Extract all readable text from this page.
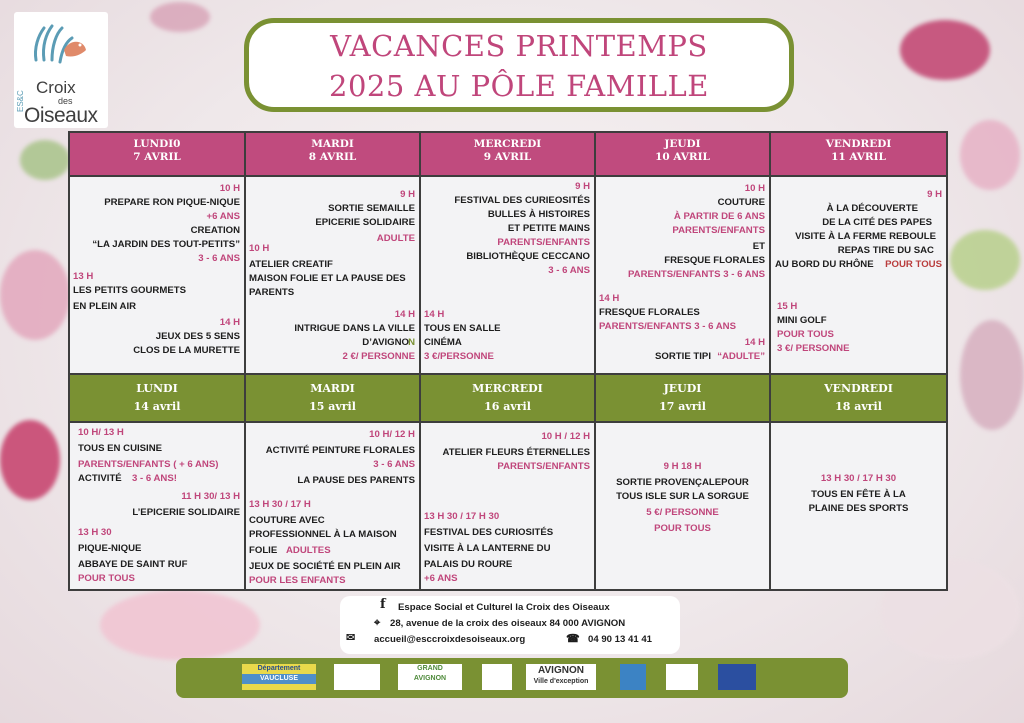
ES&C
Croix
des
Oiseaux
VACANCES PRINTEMPS
2025 AU PÔLE FAMILLE
LUNDI0
7 AVRIL
MARDI
8 AVRIL
MERCREDI
9 AVRIL
JEUDI
10 AVRIL
VENDREDI
11 AVRIL
10 H
PREPARE RON PIQUE-NIQUE
+6 ANS
CREATION
“LA JARDIN DES TOUT-PETITS”
3 - 6 ANS
13 H
LES PETITS GOURMETS
EN PLEIN AIR
14 H
JEUX DES 5 SENS
CLOS DE LA MURETTE
9 H
SORTIE SEMAILLE
EPICERIE SOLIDAIRE
ADULTE
10 H
ATELIER CREATIF
MAISON FOLIE ET LA PAUSE DES
PARENTS
14 H
INTRIGUE DANS LA VILLE
D’AVIGNO N
2 €/ PERSONNE
9 H
FESTIVAL DES CURIEOSITÉS
BULLES À HISTOIRES
ET PETITE MAINS
PARENTS/ENFANTS
BIBLIOTHÈQUE CECCANO
3 - 6 ANS
14 H
TOUS EN SALLE
CINÉMA
3 €/PERSONNE
10 H
COUTURE
À PARTIR DE 6 ANS
PARENTS/ENFANTS
ET
FRESQUE FLORALES
PARENTS/ENFANTS 3 - 6 ANS
14 H
FRESQUE FLORALES
PARENTS/ENFANTS 3 - 6 ANS
14 H
SORTIE TIPI “ADULTE”
9 H
À LA DÉCOUVERTE
DE LA CITÉ DES PAPES
VISITE À LA FERME REBOULE
REPAS TIRE DU SAC
AU BORD DU RHÔNE POUR TOUS
15 H
MINI GOLF
POUR TOUS
3 €/ PERSONNE
LUNDI
14 avril
MARDI
15 avril
MERCREDI
16 avril
JEUDI
17 avril
VENDREDI
18 avril
10 H/ 13 H
TOUS EN CUISINE
PARENTS/ENFANTS ( + 6 ANS)
ACTIVITÉ 3 - 6 ANS!
11 H 30/ 13 H
L’EPICERIE SOLIDAIRE
13 H 30
PIQUE-NIQUE
ABBAYE DE SAINT RUF
POUR TOUS
10 H/ 12 H
ACTIVITÉ PEINTURE FLORALES
3 - 6 ANS
LA PAUSE DES PARENTS
13 H 30 / 17 H
COUTURE AVEC
PROFESSIONNEL À LA MAISON
FOLIE ADULTES
JEUX DE SOCIÉTÉ EN PLEIN AIR
POUR LES ENFANTS
10 H / 12 H
ATELIER FLEURS ÉTERNELLES
PARENTS/ENFANTS
13 H 30 / 17 H 30
FESTIVAL DES CURIOSITÉS
VISITE À LA LANTERNE DU
PALAIS DU ROURE
+6 ANS
9 H 18 H
SORTIE PROVENÇALEPOUR
TOUS ISLE SUR LA SORGUE
5 €/ PERSONNE
POUR TOUS
13 H 30 / 17 H 30
TOUS EN FÊTE À LA
PLAINE DES SPORTS
f Espace Social et Culturel la Croix des Oiseaux
⌖ 28, avenue de la croix des oiseaux 84 000 AVIGNON
✉ accueil@esccroixdesoiseaux.org	☎ 04 90 13 41 41
Département
VAUCLUSE
GRAND
AVIGNON
AVIGNON
Ville d'exception
